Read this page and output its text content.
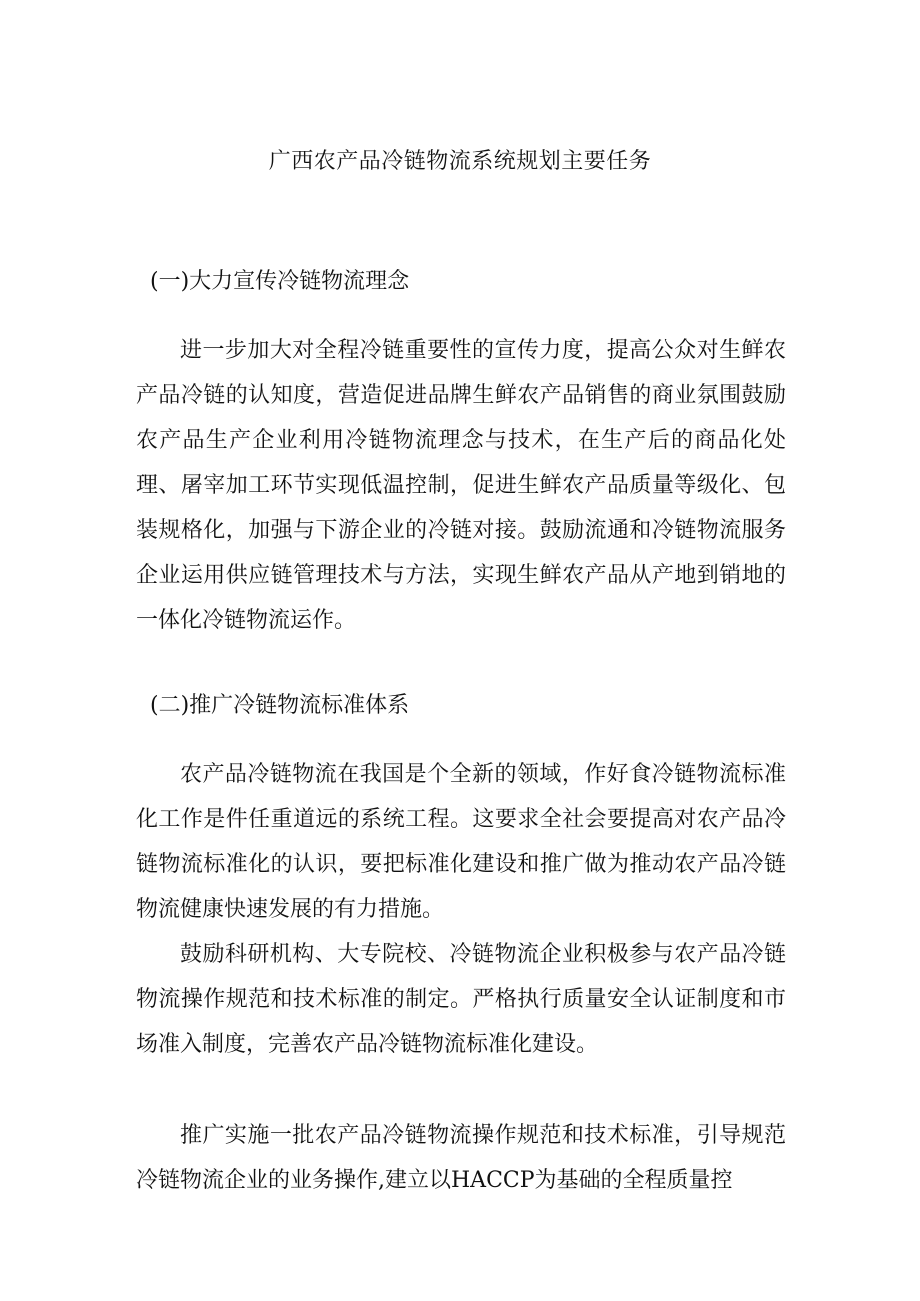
广西农产品冷链物流系统规划主要任务
(一)大力宣传冷链物流理念

进一步加大对全程冷链重要性的宣传力度，提高公众对生鲜农产品冷链的认知度，营造促进品牌生鲜农产品销售的商业氛围鼓励农产品生产企业利用冷链物流理念与技术，在生产后的商品化处理、屠宰加工环节实现低温控制，促进生鲜农产品质量等级化、包装规格化，加强与下游企业的冷链对接。鼓励流通和冷链物流服务企业运用供应链管理技术与方法，实现生鲜农产品从产地到销地的一体化冷链物流运作。

(二)推广冷链物流标准体系

农产品冷链物流在我国是个全新的领域，作好食冷链物流标准化工作是件任重道远的系统工程。这要求全社会要提高对农产品冷链物流标准化的认识，要把标准化建设和推广做为推动农产品冷链物流健康快速发展的有力措施。

鼓励科研机构、大专院校、冷链物流企业积极参与农产品冷链物流操作规范和技术标准的制定。严格执行质量安全认证制度和市场准入制度，完善农产品冷链物流标准化建设。

推广实施一批农产品冷链物流操作规范和技术标准，引导规范冷链物流企业的业务操作,建立以HACCP为基础的全程质量控
